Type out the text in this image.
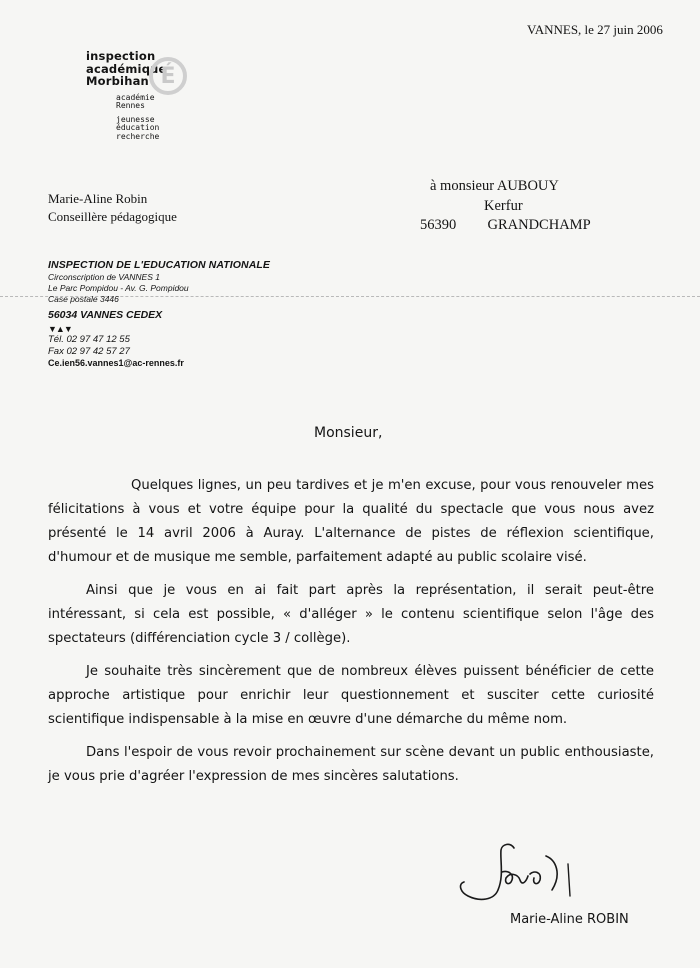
VANNES, le 27 juin 2006
inspection
académique
Morbihan
académie
Rennes
jeunesse
éducation
recherche
É
Marie-Aline Robin
Conseillère pédagogique
à monsieur AUBOUY
Kerfur
56390 GRANDCHAMP
INSPECTION DE L'EDUCATION NATIONALE
Circonscription de VANNES 1
Le Parc Pompidou - Av. G. Pompidou
Case postale 3446
56034 VANNES CEDEX
▼▲▼
Tél. 02 97 47 12 55
Fax 02 97 42 57 27
Ce.ien56.vannes1@ac-rennes.fr
Monsieur,

Quelques lignes, un peu tardives et je m'en excuse, pour vous renouveler mes félicitations à vous et votre équipe pour la qualité du spectacle que vous nous avez présenté le 14 avril 2006 à Auray. L'alternance de pistes de réflexion scientifique, d'humour et de musique me semble, parfaitement adapté au public scolaire visé.

Ainsi que je vous en ai fait part après la représentation, il serait peut-être intéressant, si cela est possible, « d'alléger » le contenu scientifique selon l'âge des spectateurs (différenciation cycle 3 / collège).

Je souhaite très sincèrement que de nombreux élèves puissent bénéficier de cette approche artistique pour enrichir leur questionnement et susciter cette curiosité scientifique indispensable à la mise en œuvre d'une démarche du même nom.

Dans l'espoir de vous revoir prochainement sur scène devant un public enthousiaste, je vous prie d'agréer l'expression de mes sincères salutations.

Marie-Aline ROBIN
